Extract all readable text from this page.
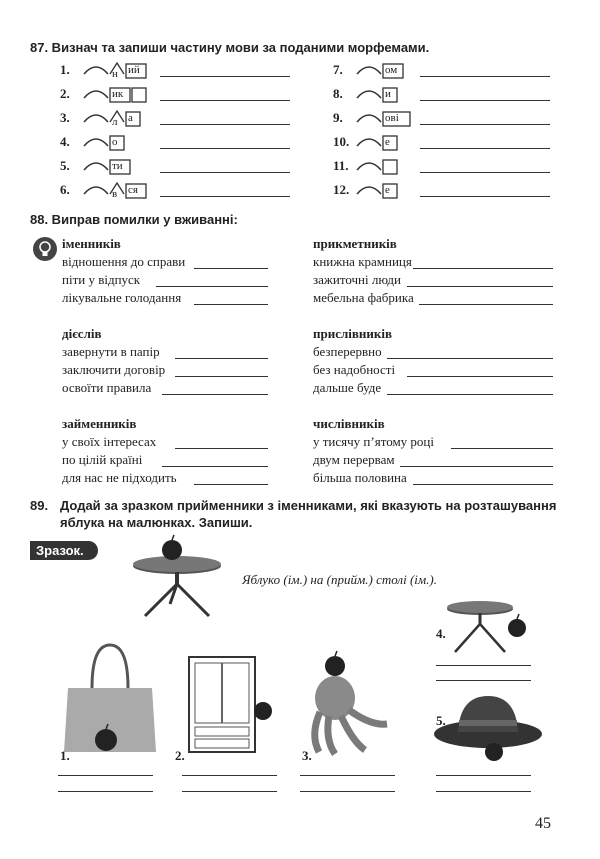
87. Визнач та запиши частину мови за поданими морфемами.
1.	н ий
2.	ик
3.	л а
4.	о
5.	ти
6.	в ся
7.	ом
8.	и
9.	ові
10.	е
11.
12.	е
88. Виправ помилки у вживанні:
іменників
відношення до справи
піти у відпуск
лікувальне голодання
прикметників
книжна крамниця
зажиточні люди
мебельна фабрика
дієслів
завернути в папір
заключити договір
освоїти правила
прислівників
безперервно
без надобності
дальше буде
займенників
у своїх інтересах
по цілій країні
для нас не підходить
числівників
у тисячу п’ятому році
двум перервам
більша половина
89. Додай за зразком прийменники з іменниками, які вказують на розташування
яблука на малюнках. Запиши.
Зразок.
Яблуко (ім.) на (прийм.) столі (ім.).
4.
1.	2.	3.
5.
45
